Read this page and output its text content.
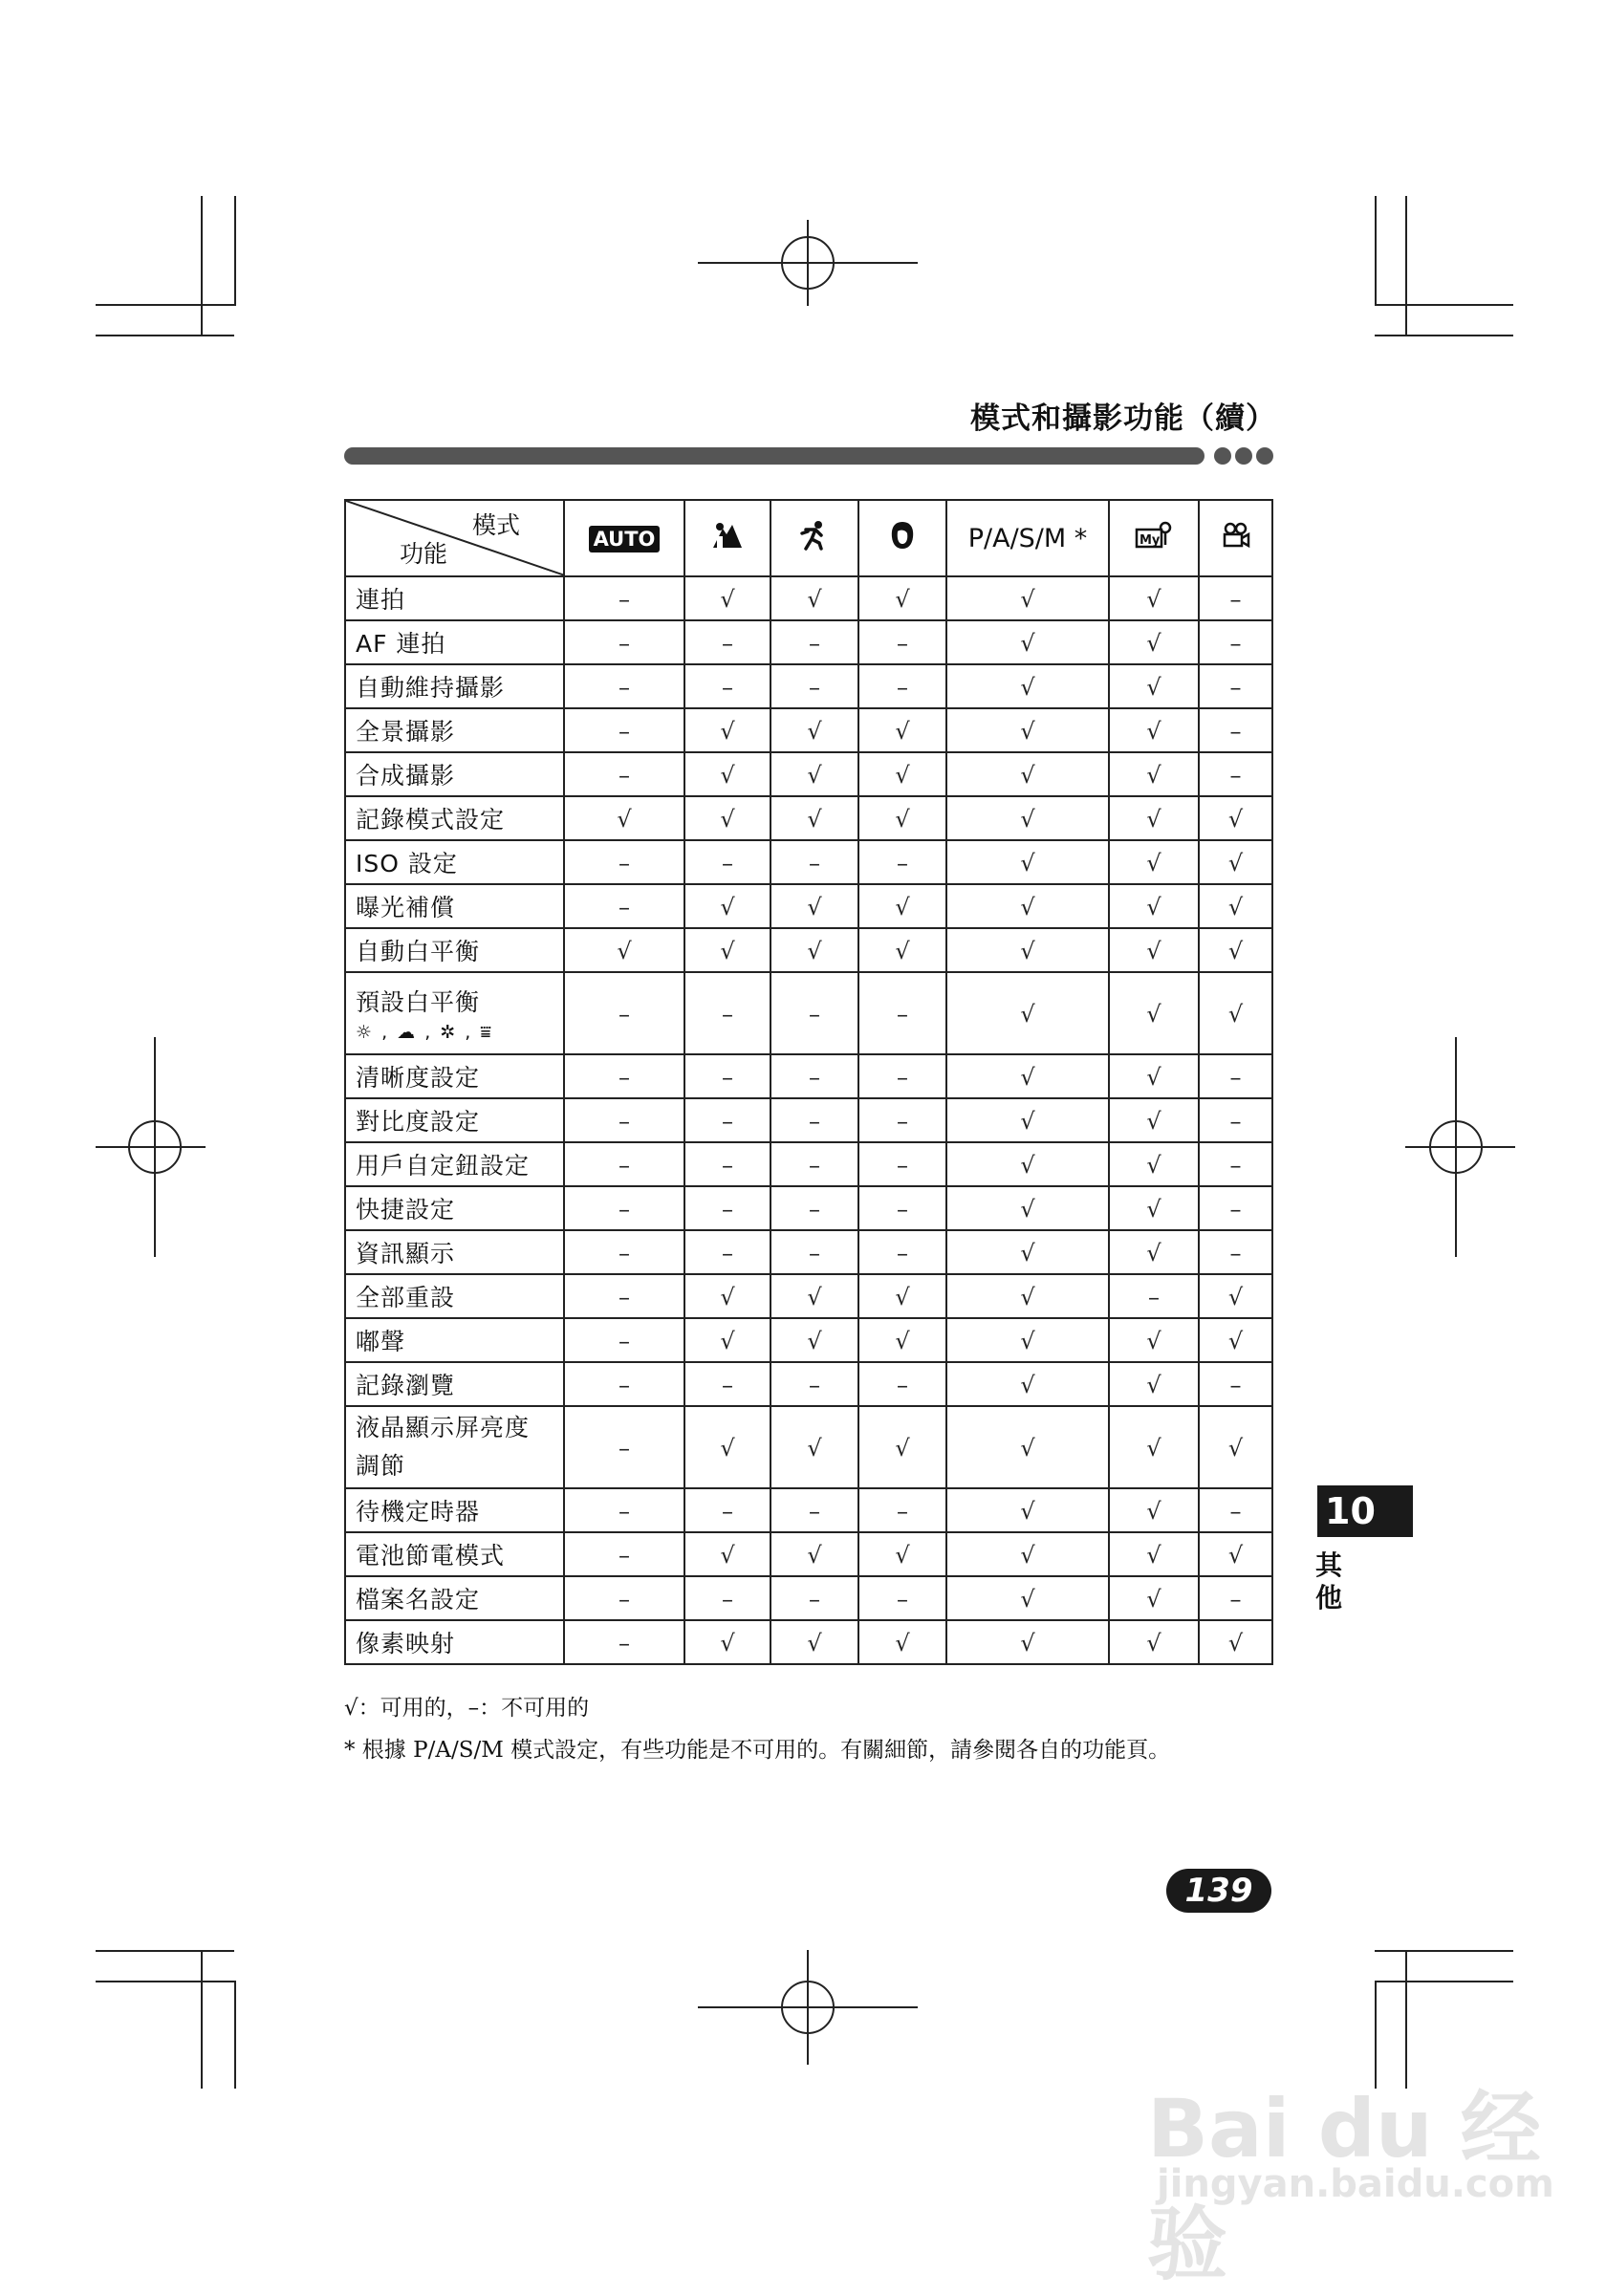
模式和攝影功能（續）
模式
功能	AUTO				P/A/S/M *	My

連拍	–	√	√	√	√	√	–
AF 連拍	–	–	–	–	√	√	–
自動維持攝影	–	–	–	–	√	√	–
全景攝影	–	√	√	√	√	√	–
合成攝影	–	√	√	√	√	√	–
記錄模式設定	√	√	√	√	√	√	√
ISO 設定	–	–	–	–	√	√	√
曝光補償	–	√	√	√	√	√	√
自動白平衡	√	√	√	√	√	√	√
預設白平衡
☼ , ☁ , ✲ , ⩸	–	–	–	–	√	√	√
清晰度設定	–	–	–	–	√	√	–
對比度設定	–	–	–	–	√	√	–
用戶自定鈕設定	–	–	–	–	√	√	–
快捷設定	–	–	–	–	√	√	–
資訊顯示	–	–	–	–	√	√	–
全部重設	–	√	√	√	√	–	√
嘟聲	–	√	√	√	√	√	√
記錄瀏覽	–	–	–	–	√	√	–

液晶顯示屏亮度調節	–	√	√	√	√	√	√
待機定時器	–	–	–	–	√	√	–
電池節電模式	–	√	√	√	√	√	√
檔案名設定	–	–	–	–	√	√	–
像素映射	–	√	√	√	√	√	√
√：可用的，–：不可用的
* 根據 P/A/S/M 模式設定，有些功能是不可用的。有關細節，請參閱各自的功能頁。
10
其
他
139
Bai du 经验
jingyan.baidu.com
